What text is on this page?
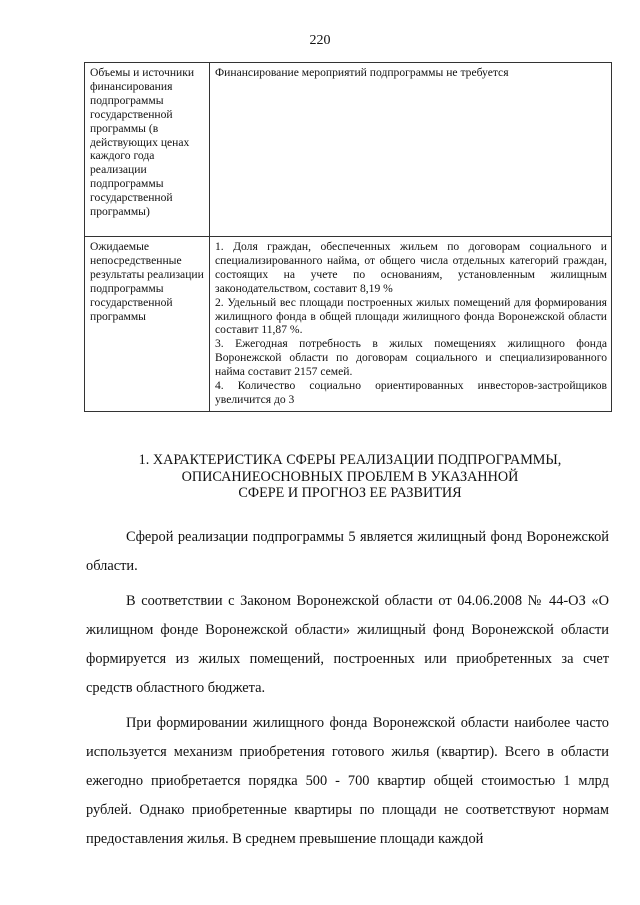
220
Объемы и источники финансирования подпрограммы государственной программы (в действующих ценах каждого года реализации подпрограммы государственной программы)	Финансирование мероприятий подпрограммы не требуется
Ожидаемые непосредственные результаты реализации подпрограммы государственной программы	1. Доля граждан, обеспеченных жильем по договорам социального и специализированного найма, от общего числа отдельных категорий граждан, состоящих на учете по основаниям, установленным жилищным законодательством, составит 8,19 %
2. Удельный вес площади построенных жилых помещений для формирования жилищного фонда в общей площади жилищного фонда Воронежской области составит 11,87 %.
3. Ежегодная потребность в жилых помещениях жилищного фонда Воронежской области по договорам социального и специализированного найма составит 2157 семей.
4. Количество социально ориентированных инвесторов-застройщиков увеличится до 3
1. ХАРАКТЕРИСТИКА СФЕРЫ РЕАЛИЗАЦИИ ПОДПРОГРАММЫ,
ОПИСАНИЕОСНОВНЫХ ПРОБЛЕМ В УКАЗАННОЙ
СФЕРЕ И ПРОГНОЗ ЕЕ РАЗВИТИЯ

Сферой реализации подпрограммы 5 является жилищный фонд Воронежской области.

В соответствии с Законом Воронежской области от 04.06.2008 № 44-ОЗ «О жилищном фонде Воронежской области» жилищный фонд Воронежской области формируется из жилых помещений, построенных или приобретенных за счет средств областного бюджета.

При формировании жилищного фонда Воронежской области наиболее часто используется механизм приобретения готового жилья (квартир). Всего в области ежегодно приобретается порядка 500 - 700 квартир общей стоимостью 1 млрд рублей. Однако приобретенные квартиры по площади не соответствуют нормам предоставления жилья. В среднем превышение площади каждой
